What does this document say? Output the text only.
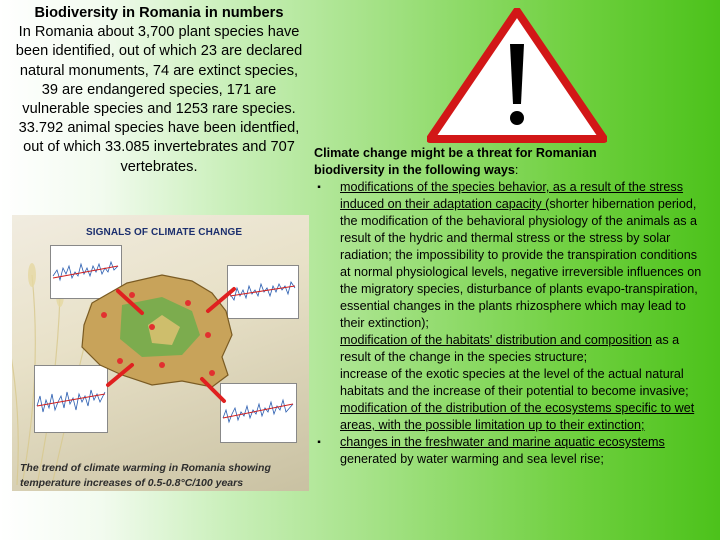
Biodiversity in Romania in numbers
In Romania about 3,700 plant species have been identified, out of which 23 are declared natural monuments, 74 are extinct species, 39 are endangered species, 171 are vulnerable species and 1253 rare species. 33.792 animal species have been identfied, out of which 33.085 invertebrates and 707 vertebrates.
SIGNALS OF CLIMATE CHANGE
The trend of climate warming in Romania showing temperature increases of 0.5-0.8°C/100 years
Climate change might be a threat for Romanian
biodiversity in the following ways:
▪ modifications of the species behavior, as a result of the stress induced on their adaptation capacity (shorter hibernation period, the modification of the behavioral physiology of the animals as a result of the hydric and thermal stress or the stress by solar radiation; the impossibility to provide the transpiration conditions at normal physiological levels, negative irreversible influences on the migratory species, disturbance of plants evapo-transpiration, essential changes in the plants rhizosphere which may lead to their extinction);
modification of the habitats' distribution and composition as a result of the change in the species structure;
increase of the exotic species at the level of the actual natural habitats and the increase of their potential to become invasive;
modification of the distribution of the ecosystems specific to wet areas, with the possible limitation up to their extinction;
▪ changes in the freshwater and marine aquatic ecosystems
generated by water warming and sea level rise;
